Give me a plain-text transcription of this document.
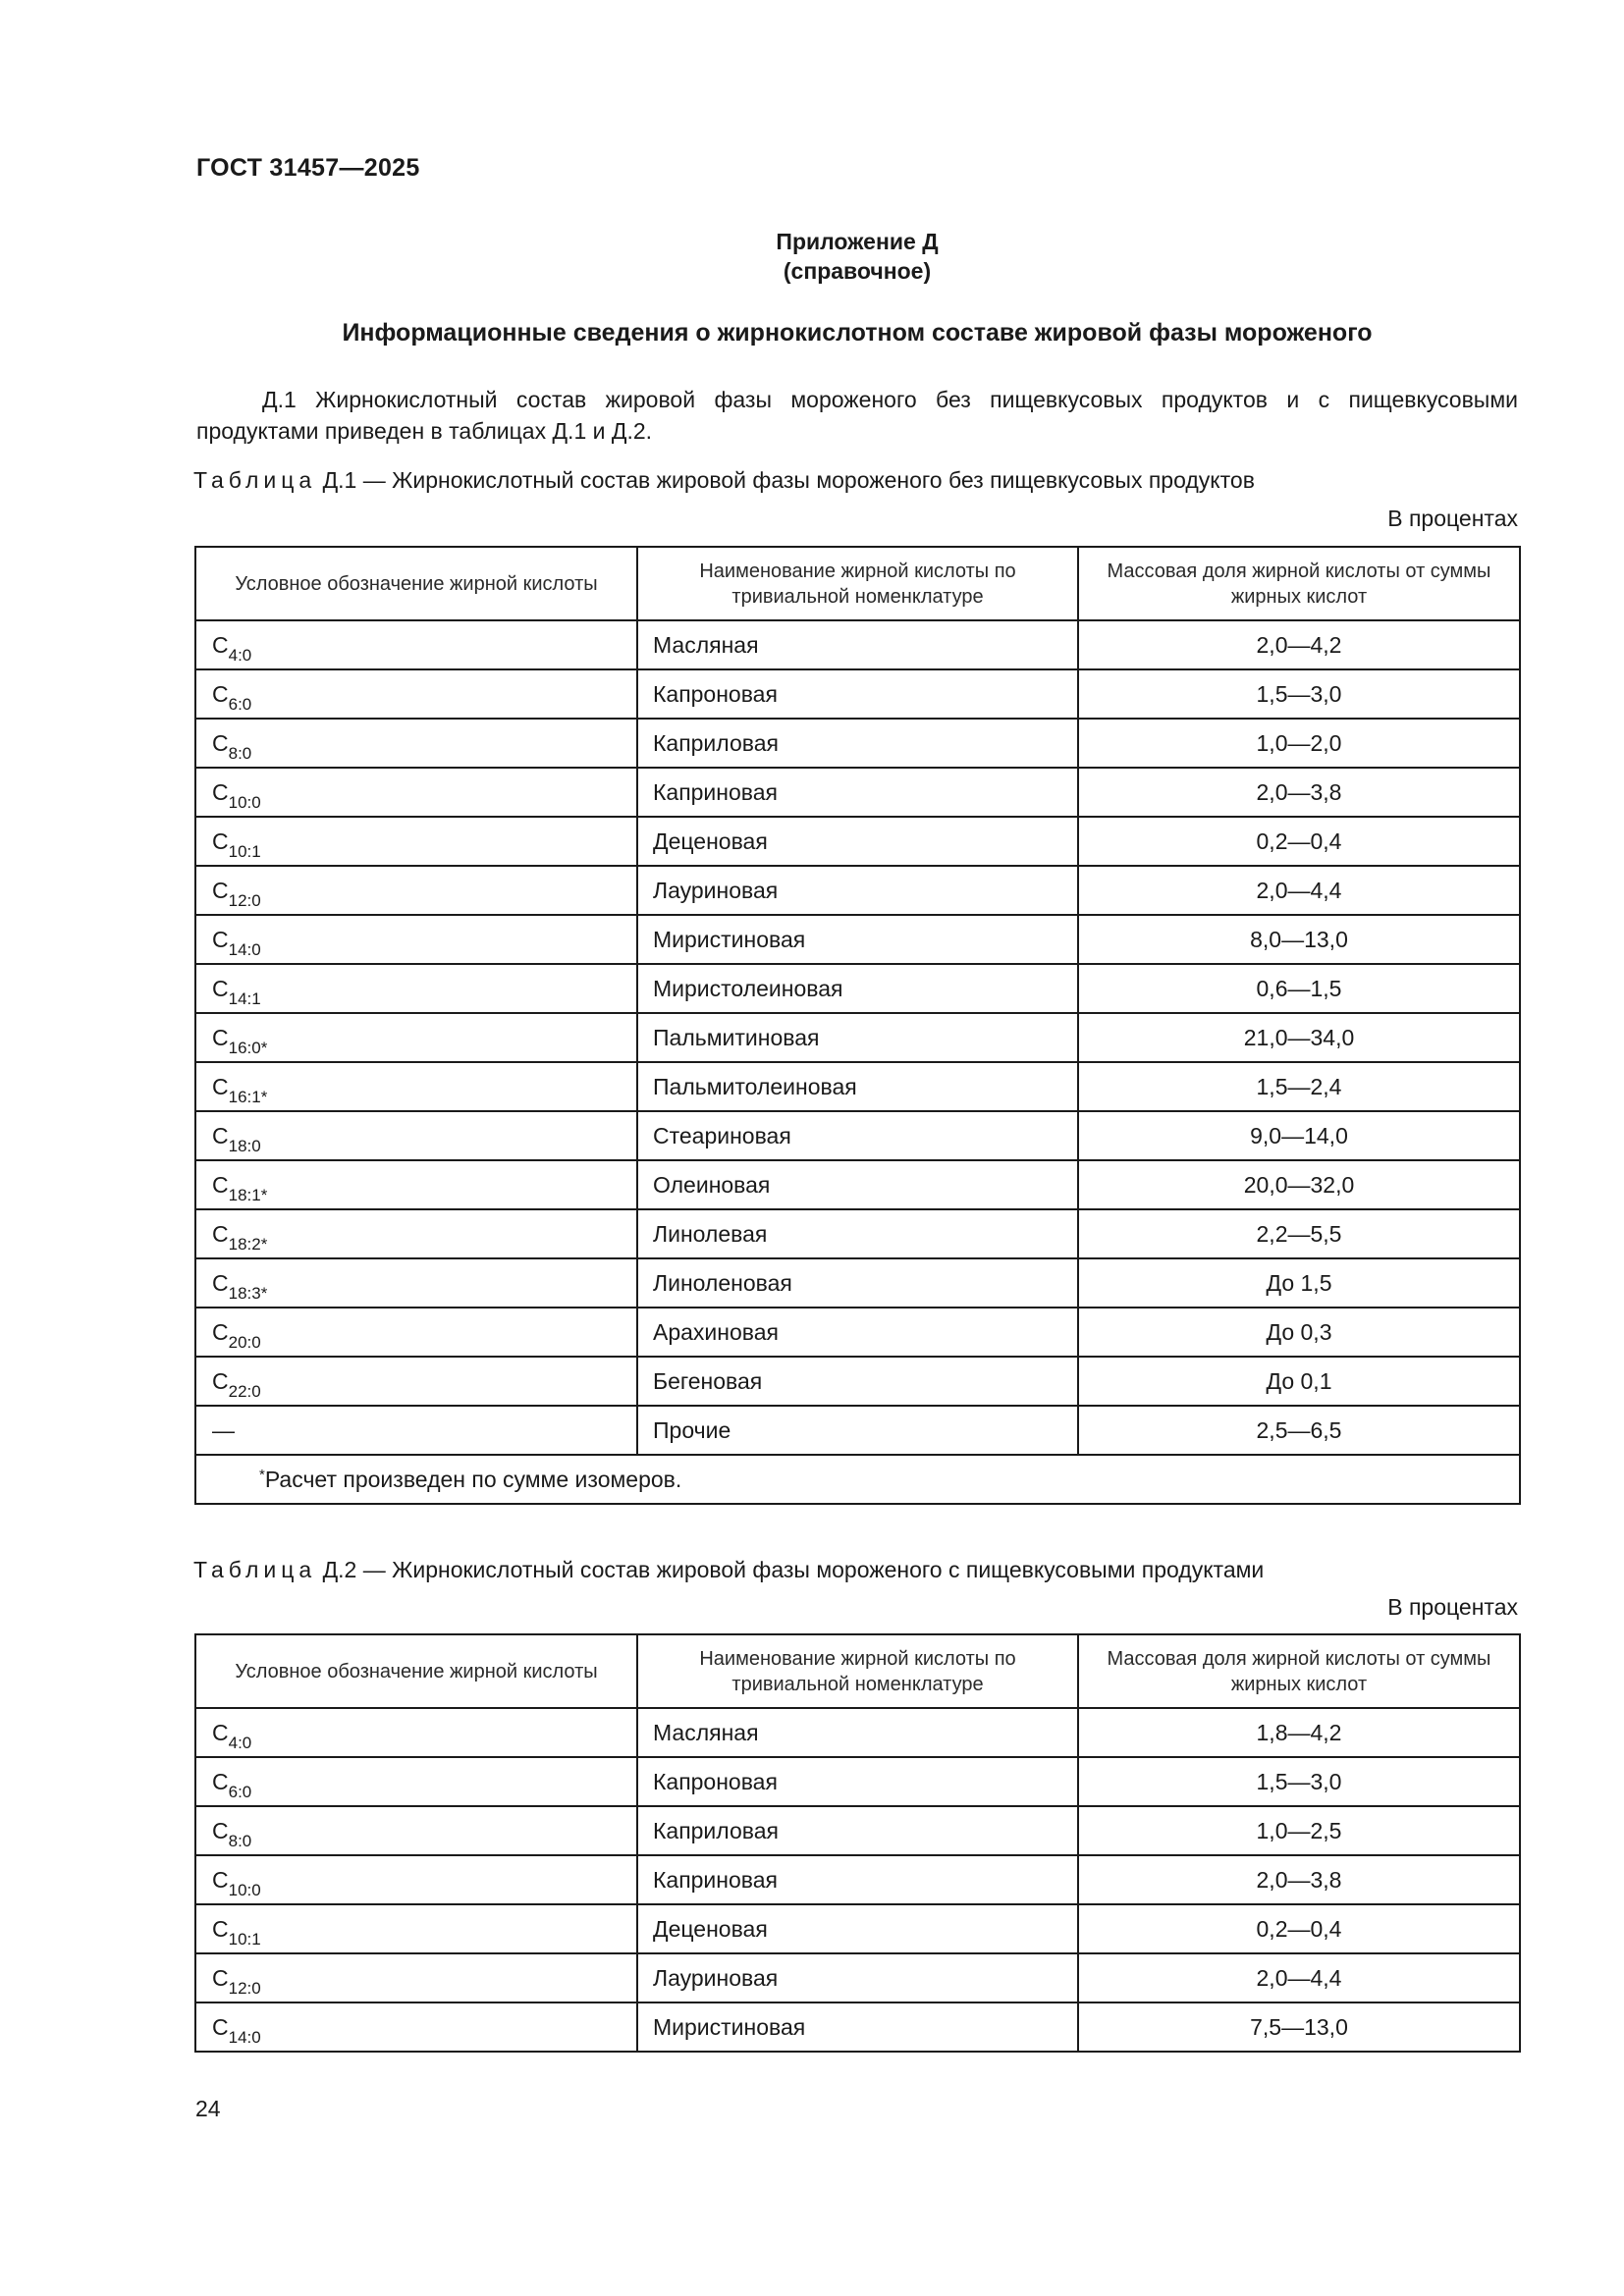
ГОСТ 31457—2025
Приложение Д
(справочное)
Информационные сведения о жирнокислотном составе жировой фазы мороженого
Д.1 Жирнокислотный состав жировой фазы мороженого без пищевкусовых продуктов и с пищевкусовыми
продуктами приведен в таблицах Д.1 и Д.2.
Таблица Д.1 — Жирнокислотный состав жировой фазы мороженого без пищевкусовых продуктов
В процентах
Условное обозначение жирной кислоты	Наименование жирной кислоты по тривиальной номенклатуре	Массовая доля жирной кислоты от суммы жирных кислот
$С_{4:0}$	Масляная	2,0—4,2
$С_{6:0}$	Капроновая	1,5—3,0
$С_{8:0}$	Каприловая	1,0—2,0
$С_{10:0}$	Каприновая	2,0—3,8
$С_{10:1}$	Деценовая	0,2—0,4
$С_{12:0}$	Лауриновая	2,0—4,4
$С_{14:0}$	Миристиновая	8,0—13,0
$С_{14:1}$	Миристолеиновая	0,6—1,5
$С_{16:0*}$	Пальмитиновая	21,0—34,0
$С_{16:1*}$	Пальмитолеиновая	1,5—2,4
$С_{18:0}$	Стеариновая	9,0—14,0
$С_{18:1*}$	Олеиновая	20,0—32,0
$С_{18:2*}$	Линолевая	2,2—5,5
$С_{18:3*}$	Линоленовая	До 1,5
$С_{20:0}$	Арахиновая	До 0,3
$С_{22:0}$	Бегеновая	До 0,1
—	Прочие	2,5—6,5
*Расчет произведен по сумме изомеров.		
Таблица Д.2 — Жирнокислотный состав жировой фазы мороженого с пищевкусовыми продуктами
В процентах
Условное обозначение жирной кислоты	Наименование жирной кислоты по тривиальной номенклатуре	Массовая доля жирной кислоты от суммы жирных кислот
$С_{4:0}$	Масляная	1,8—4,2
$С_{6:0}$	Капроновая	1,5—3,0
$С_{8:0}$	Каприловая	1,0—2,5
$С_{10:0}$	Каприновая	2,0—3,8
$С_{10:1}$	Деценовая	0,2—0,4
$С_{12:0}$	Лауриновая	2,0—4,4
$С_{14:0}$	Миристиновая	7,5—13,0
24
